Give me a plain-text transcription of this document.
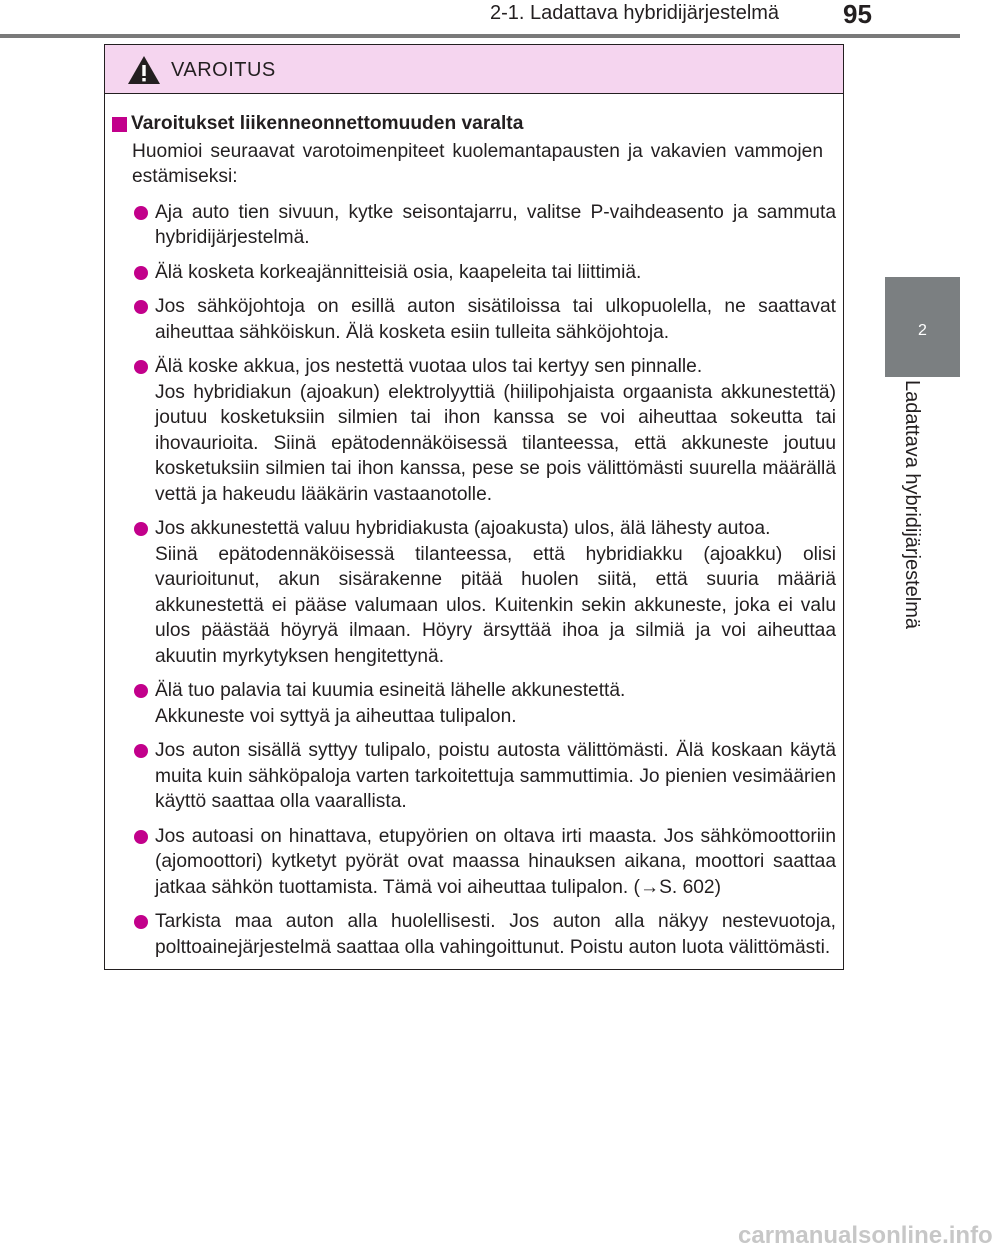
2-1. Ladattava hybridijärjestelmä 95
2
Ladattava hybridijärjestelmä
VAROITUS
Varoitukset liikenneonnettomuuden varalta
Huomioi seuraavat varotoimenpiteet kuolemantapausten ja vakavien vammojen estämiseksi:
Aja auto tien sivuun, kytke seisontajarru, valitse P-vaihdeasento ja sammuta hybridijärjestelmä.
Älä kosketa korkeajännitteisiä osia, kaapeleita tai liittimiä.
Jos sähköjohtoja on esillä auton sisätiloissa tai ulkopuolella, ne saattavat aiheuttaa sähköiskun. Älä kosketa esiin tulleita sähköjohtoja.
Älä koske akkua, jos nestettä vuotaa ulos tai kertyy sen pinnalle.
Jos hybridiakun (ajoakun) elektrolyyttiä (hiilipohjaista orgaanista akkunestettä) joutuu kosketuksiin silmien tai ihon kanssa se voi aiheuttaa sokeutta tai ihovaurioita. Siinä epätodennäköisessä tilanteessa, että akkuneste joutuu kosketuksiin silmien tai ihon kanssa, pese se pois välittömästi suurella määrällä vettä ja hakeudu lääkärin vastaanotolle.
Jos akkunestettä valuu hybridiakusta (ajoakusta) ulos, älä lähesty autoa.
Siinä epätodennäköisessä tilanteessa, että hybridiakku (ajoakku) olisi vaurioitunut, akun sisärakenne pitää huolen siitä, että suuria määriä akkunestettä ei pääse valumaan ulos. Kuitenkin sekin akkuneste, joka ei valu ulos päästää höyryä ilmaan. Höyry ärsyttää ihoa ja silmiä ja voi aiheuttaa akuutin myrkytyksen hengitettynä.
Älä tuo palavia tai kuumia esineitä lähelle akkunestettä.
Akkuneste voi syttyä ja aiheuttaa tulipalon.
Jos auton sisällä syttyy tulipalo, poistu autosta välittömästi. Älä koskaan käytä muita kuin sähköpaloja varten tarkoitettuja sammuttimia. Jo pienien vesimäärien käyttö saattaa olla vaarallista.
Jos autoasi on hinattava, etupyörien on oltava irti maasta. Jos sähkömoottoriin (ajomoottori) kytketyt pyörät ovat maassa hinauksen aikana, moottori saattaa jatkaa sähkön tuottamista. Tämä voi aiheuttaa tulipalon. (→S. 602)
Tarkista maa auton alla huolellisesti. Jos auton alla näkyy nestevuotoja, polttoainejärjestelmä saattaa olla vahingoittunut. Poistu auton luota välittömästi.
carmanualsonline.info
